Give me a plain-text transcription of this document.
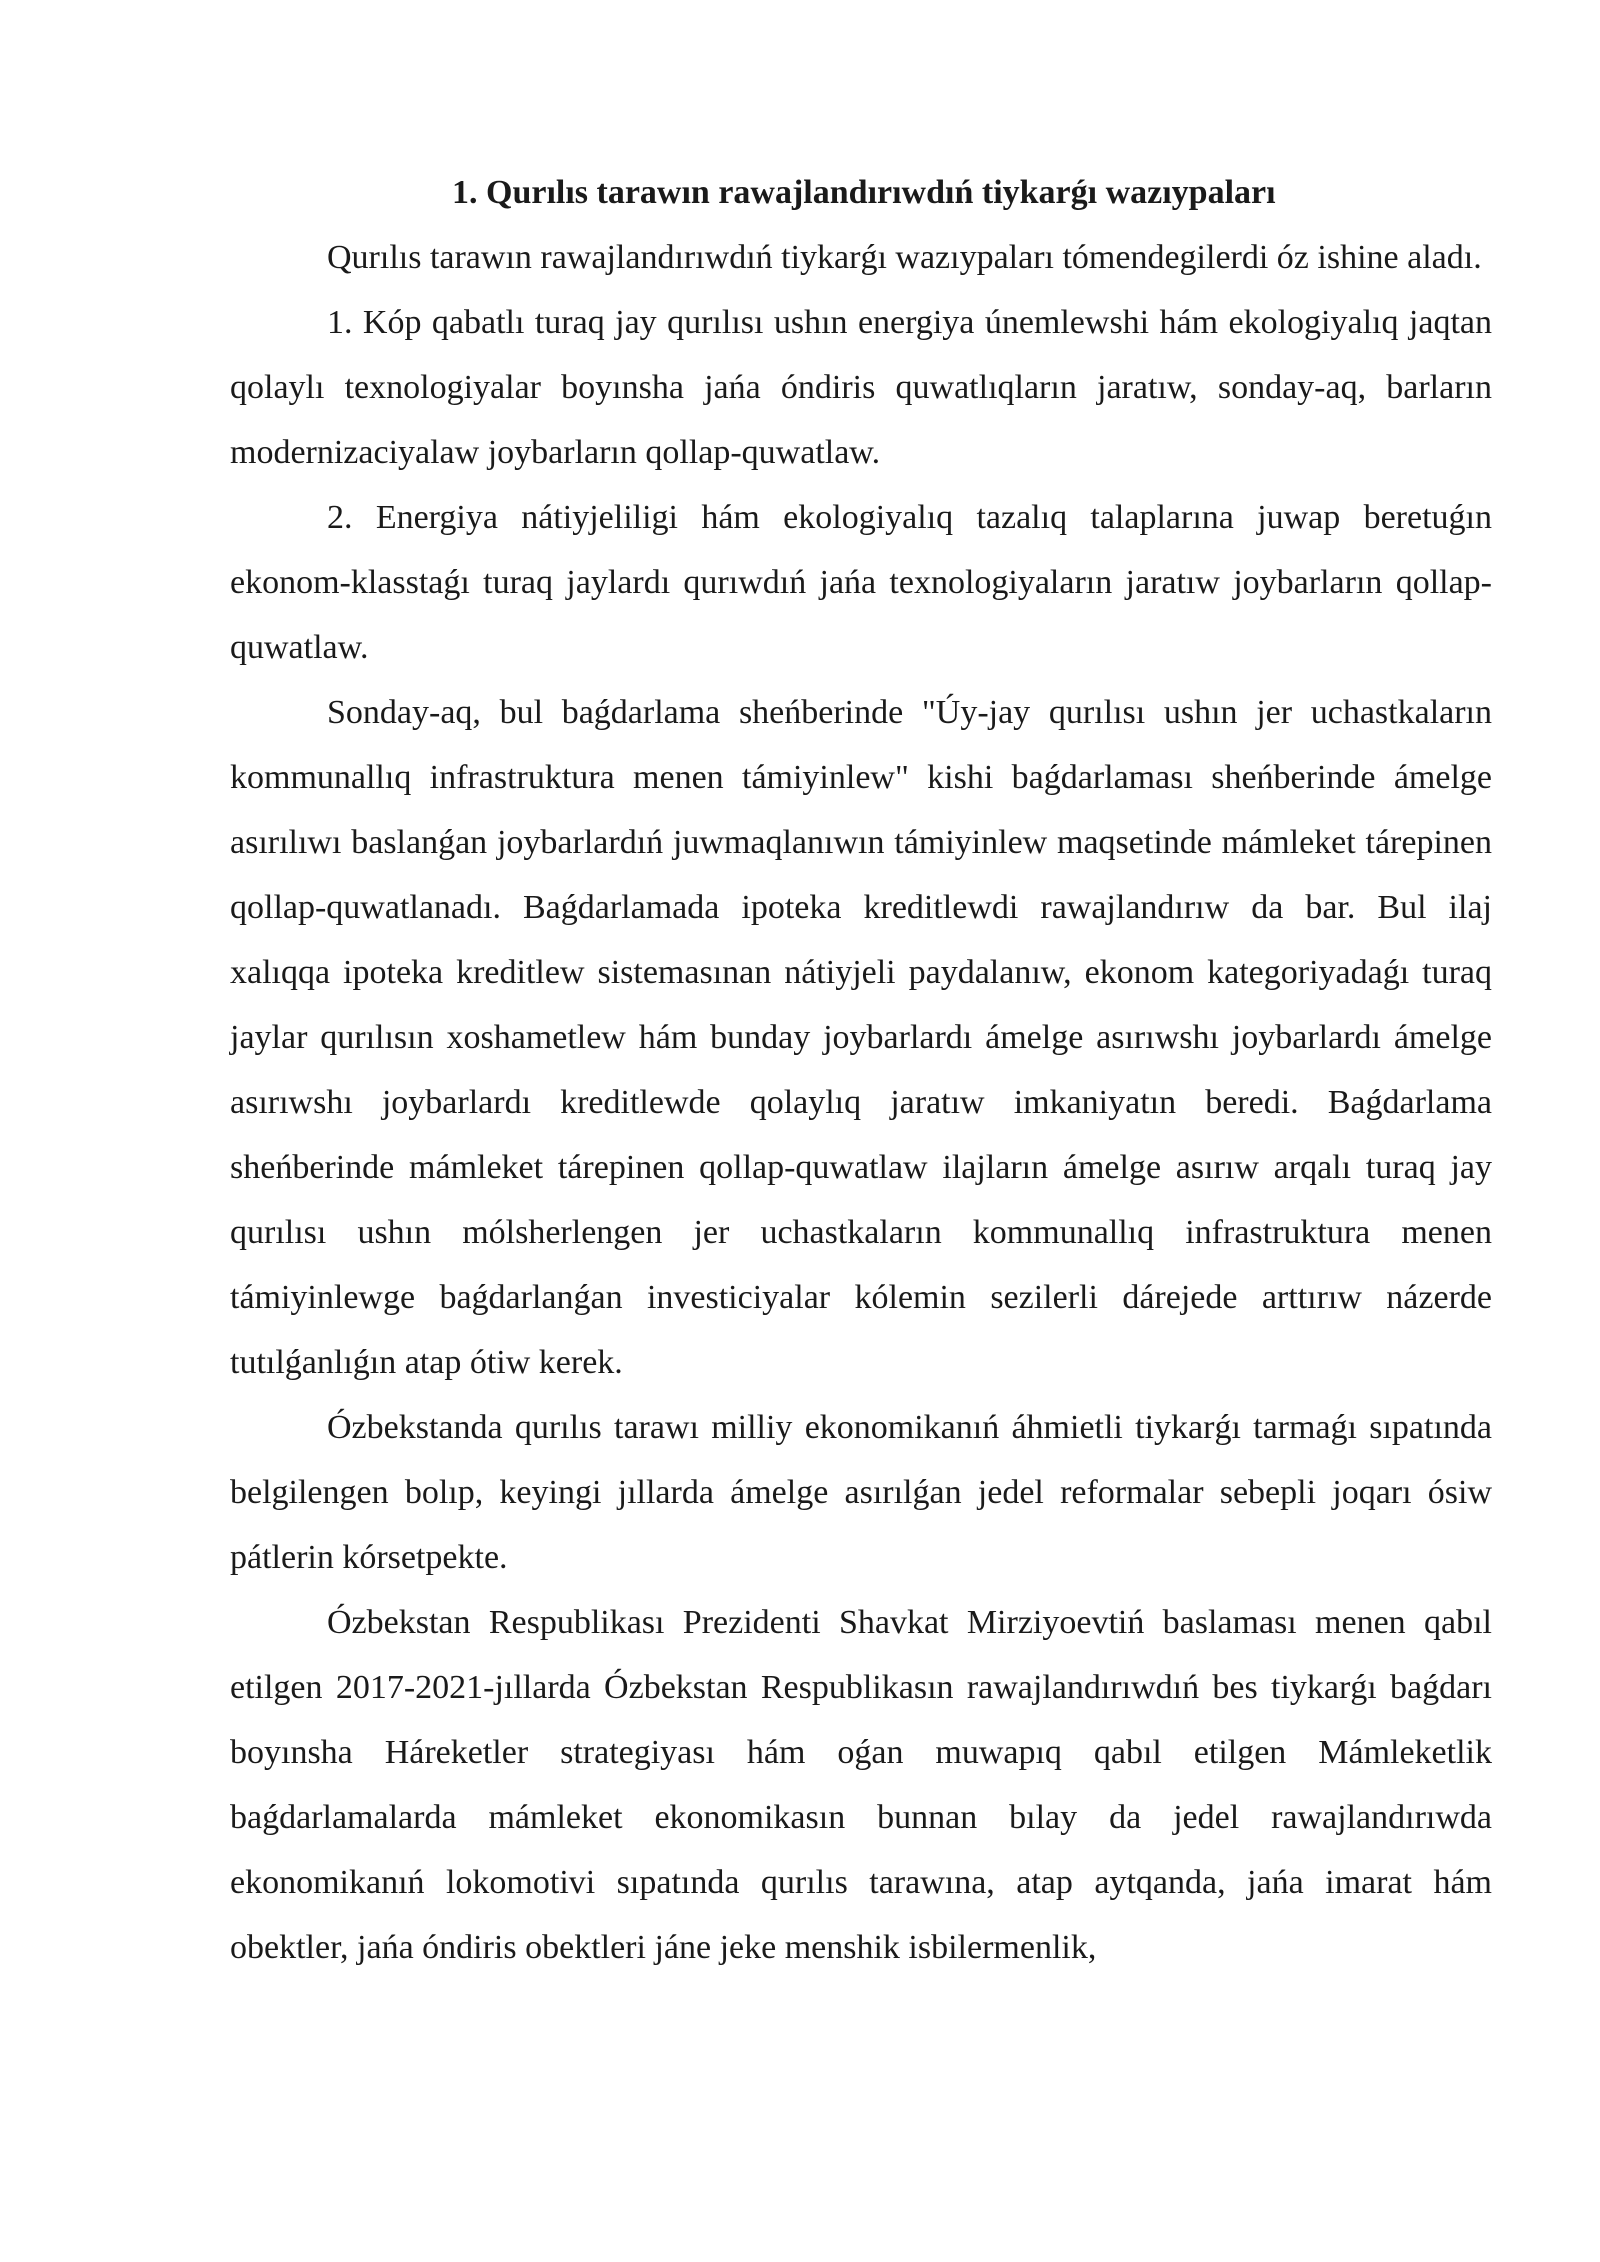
1. Qurılıs tarawın rawajlandırıwdıń tiykarǵı wazıypaları

Qurılıs tarawın rawajlandırıwdıń tiykarǵı wazıypaları tómendegilerdi óz ishine aladı.

1. Kóp qabatlı turaq jay qurılısı ushın energiya únemlewshi hám ekologiyalıq jaqtan qolaylı texnologiyalar boyınsha jańa óndiris quwatlıqların jaratıw, sonday-aq, barların modernizaciyalaw joybarların qollap-quwatlaw.

2. Energiya nátiyjeliligi hám ekologiyalıq tazalıq talaplarına juwap beretuǵın ekonom-klasstaǵı turaq jaylardı qurıwdıń jańa texnologiyaların jaratıw joybarların qollap-quwatlaw.

Sonday-aq, bul baǵdarlama sheńberinde "Úy-jay qurılısı ushın jer uchastkaların kommunallıq infrastruktura menen támiyinlew" kishi baǵdarlaması sheńberinde ámelge asırılıwı baslanǵan joybarlardıń juwmaqlanıwın támiyinlew maqsetinde mámleket tárepinen qollap-quwatlanadı. Baǵdarlamada ipoteka kreditlewdi rawajlandırıw da bar. Bul ilaj xalıqqa ipoteka kreditlew sistemasınan nátiyjeli paydalanıw, ekonom kategoriyadaǵı turaq jaylar qurılısın xoshametlew hám bunday joybarlardı ámelge asırıwshı joybarlardı ámelge asırıwshı joybarlardı kreditlewde qolaylıq jaratıw imkaniyatın beredi. Baǵdarlama sheńberinde mámleket tárepinen qollap-quwatlaw ilajların ámelge asırıw arqalı turaq jay qurılısı ushın mólsherlengen jer uchastkaların kommunallıq infrastruktura menen támiyinlewge baǵdarlanǵan investiciyalar kólemin sezilerli dárejede arttırıw názerde tutılǵanlıǵın atap ótiw kerek.

Ózbekstanda qurılıs tarawı milliy ekonomikanıń áhmietli tiykarǵı tarmaǵı sıpatında belgilengen bolıp, keyingi jıllarda ámelge asırılǵan jedel reformalar sebepli joqarı ósiw pátlerin kórsetpekte.

Ózbekstan Respublikası Prezidenti Shavkat Mirziyoevtiń baslaması menen qabıl etilgen 2017-2021-jıllarda Ózbekstan Respublikasın rawajlandırıwdıń bes tiykarǵı baǵdarı boyınsha Háreketler strategiyası hám oǵan muwapıq qabıl etilgen Mámleketlik baǵdarlamalarda mámleket ekonomikasın bunnan bılay da jedel rawajlandırıwda ekonomikanıń lokomotivi sıpatında qurılıs tarawına, atap aytqanda, jańa imarat hám obektler, jańa óndiris obektleri jáne jeke menshik isbilermenlik,
